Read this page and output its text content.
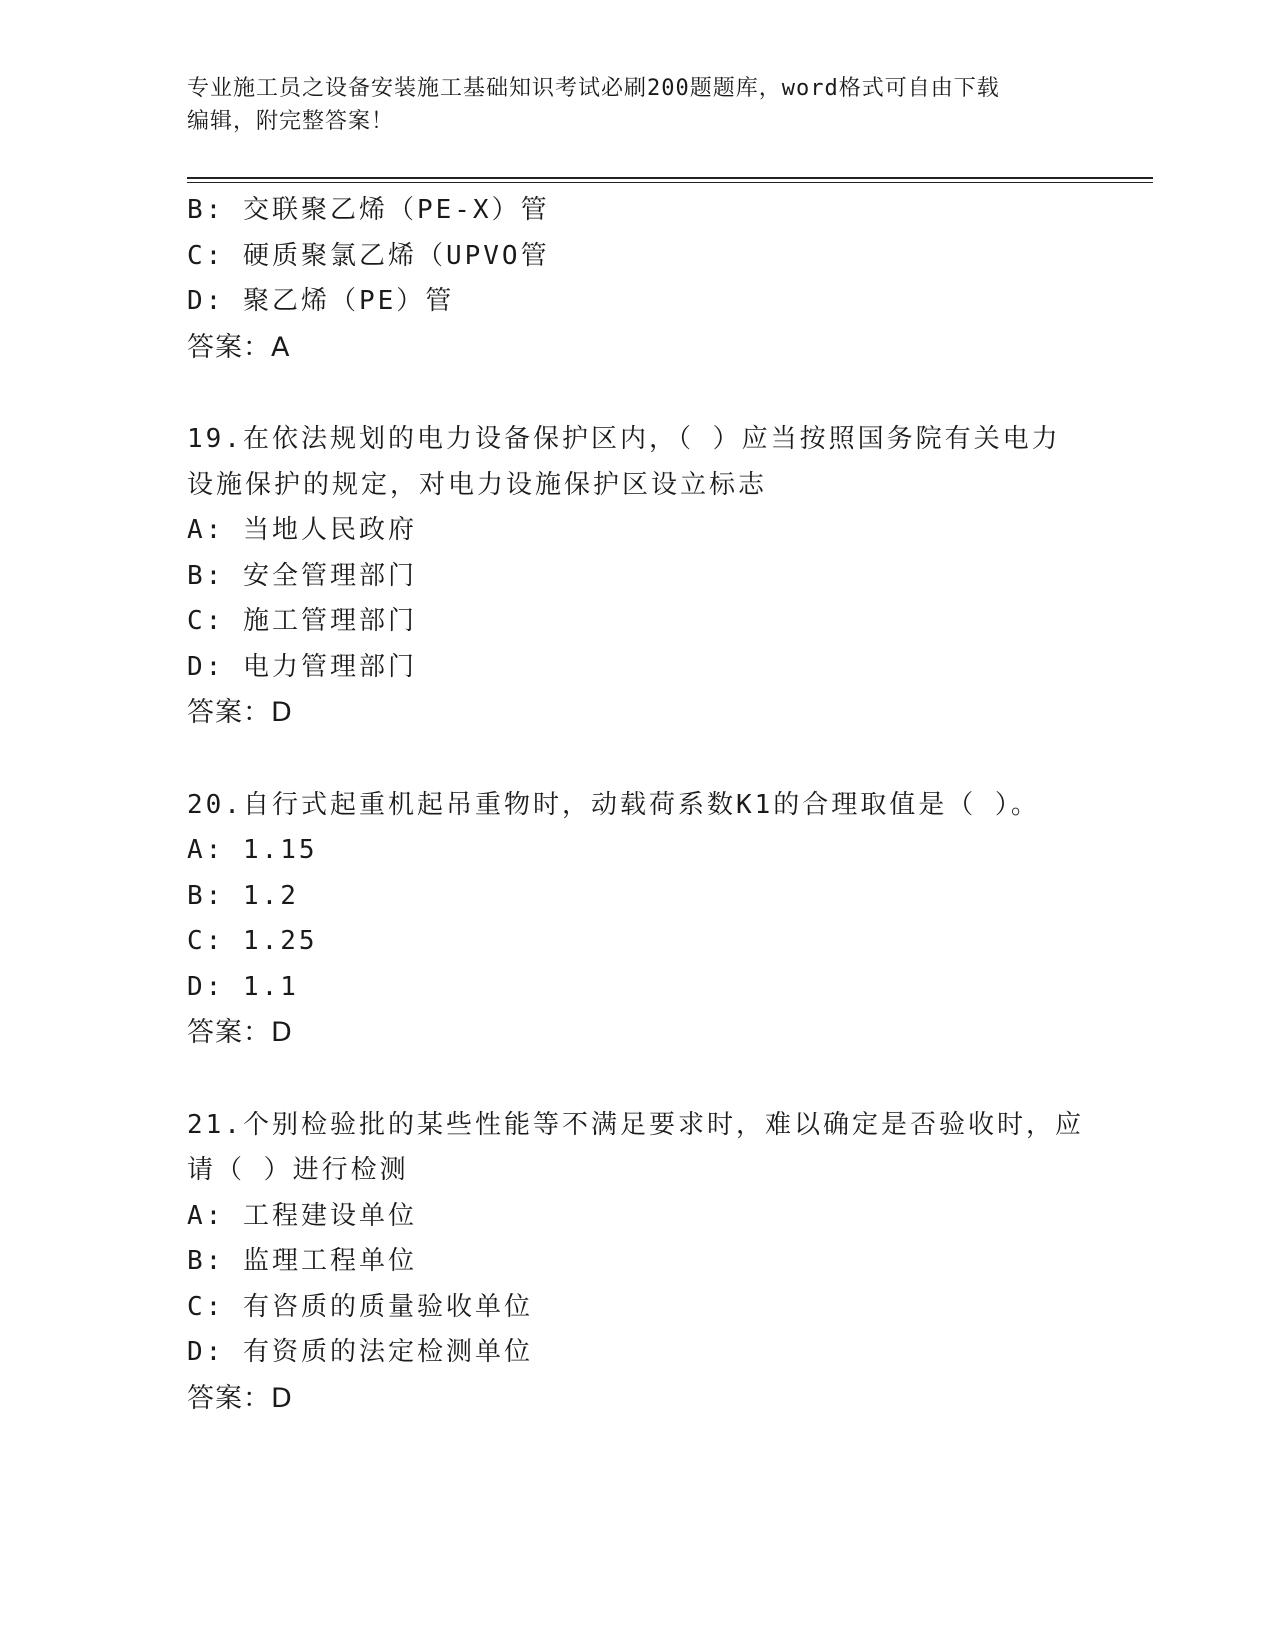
专业施工员之设备安装施工基础知识考试必刷200题题库，word格式可自由下载
编辑，附完整答案！
B: 交联聚乙烯（PE-X）管
C: 硬质聚氯乙烯（UPVO管
D: 聚乙烯（PE）管
答案：A
19.在依法规划的电力设备保护区内，（ ）应当按照国务院有关电力
设施保护的规定，对电力设施保护区设立标志
A: 当地人民政府
B: 安全管理部门
C: 施工管理部门
D: 电力管理部门
答案：D
20.自行式起重机起吊重物时，动载荷系数K1的合理取值是（ ）。
A: 1.15
B: 1.2
C: 1.25
D: 1.1
答案：D
21.个别检验批的某些性能等不满足要求时，难以确定是否验收时，应
请（ ）进行检测
A: 工程建设单位
B: 监理工程单位
C: 有咨质的质量验收单位
D: 有资质的法定检测单位
答案：D
